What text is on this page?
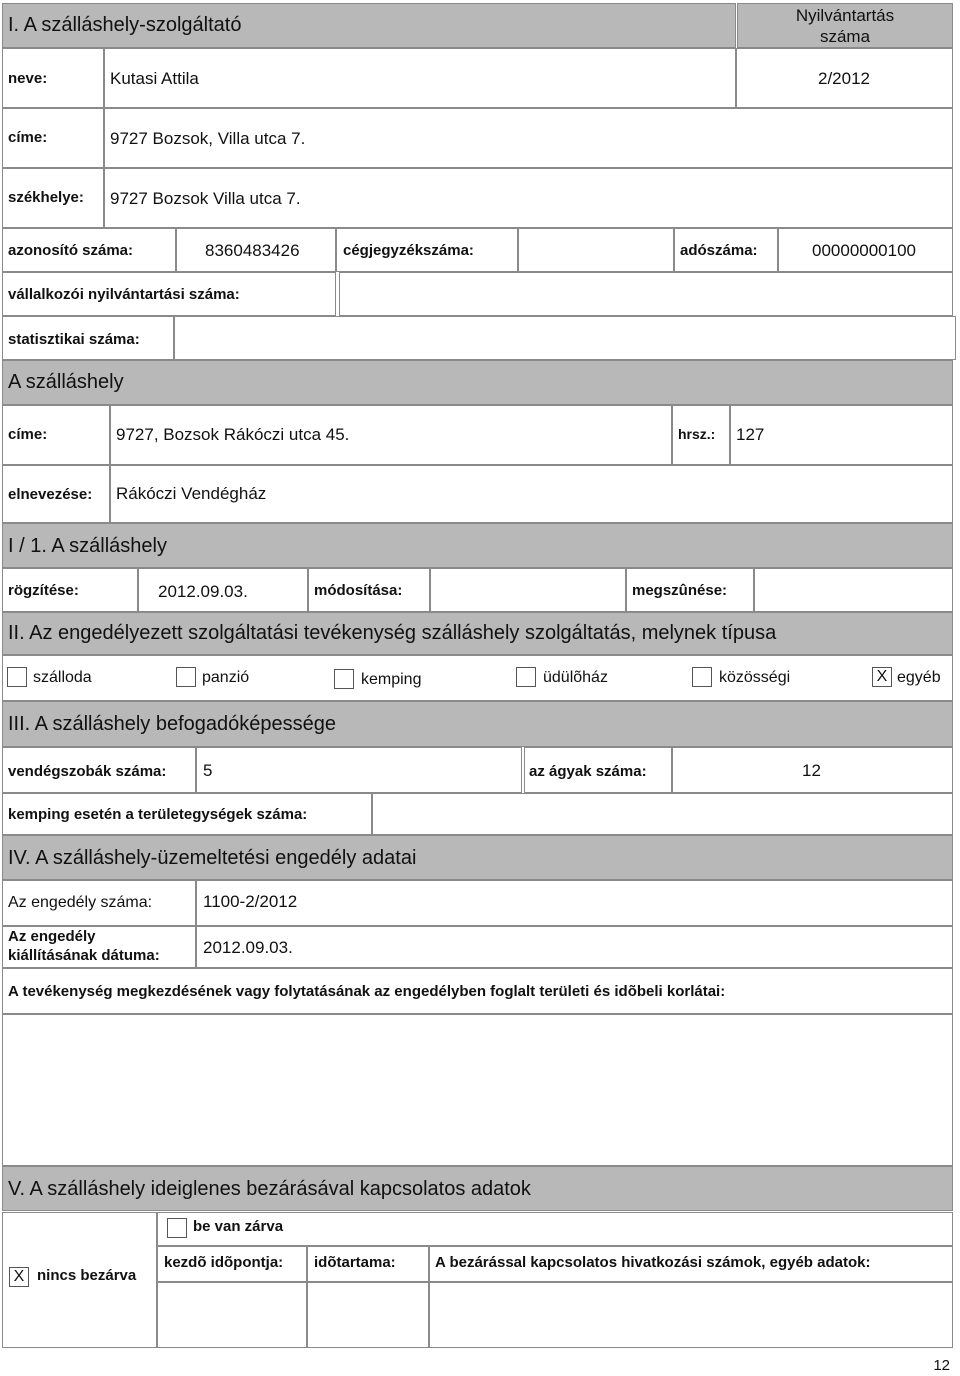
I. A szálláshely-szolgáltató	Nyilvántartás
száma
neve:	Kutasi Attila	2/2012
címe:	9727 Bozsok, Villa utca 7.
székhelye: 9727 Bozsok Villa utca 7.
azonosító száma:	8360483426	cégjegyzékszáma:	adószáma:	00000000100
vállalkozói nyilvántartási száma:
statisztikai száma:
A szálláshely
címe:	9727, Bozsok Rákóczi utca 45.	hrsz.: 127
elnevezése: Rákóczi Vendégház
I / 1. A szálláshely
rögzítése:	2012.09.03.	módosítása:	megszûnése:
II. Az engedélyezett szolgáltatási tevékenység szálláshely szolgáltatás, melynek típusa
szálloda	panzió	kemping	üdülõház	közösségi	X egyéb
III. A szálláshely befogadóképessége
vendégszobák száma: 5	az ágyak száma:	12
kemping esetén a területegységek száma:
IV. A szálláshely-üzemeltetési engedély adatai
Az engedély száma:	1100-2/2012
Az engedély
kiállításának dátuma:	2012.09.03.
A tevékenység megkezdésének vagy folytatásának az engedélyben foglalt területi és idõbeli korlátai:
V. A szálláshely ideiglenes bezárásával kapcsolatos adatok
X nincs bezárva
be van zárva
kezdõ idõpontja: idõtartama:	A bezárással kapcsolatos hivatkozási számok, egyéb adatok:
12
